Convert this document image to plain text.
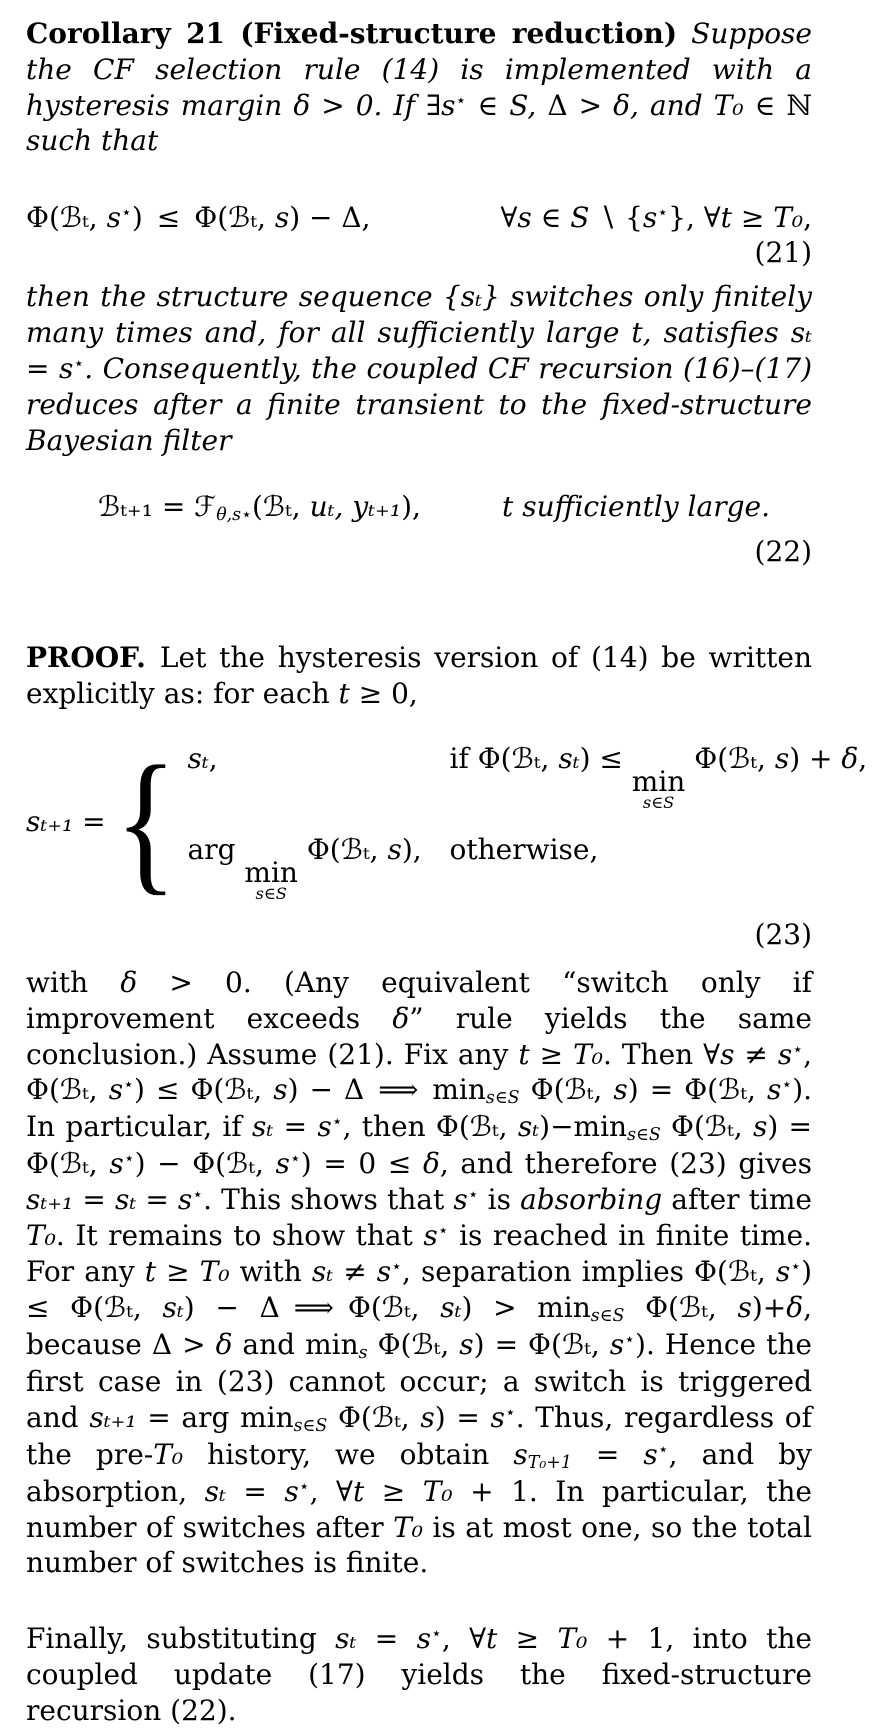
Corollary 21 (Fixed-structure reduction)  Suppose the CF selection rule (14) is implemented with a hysteresis margin δ > 0. If ∃s⋆ ∈ S, Δ > δ, and T₀ ∈ ℕ such that

Φ(ℬₜ, s⋆) ≤ Φ(ℬₜ, s) − Δ,	∀s ∈ S ∖ {s⋆}, ∀t ≥ T₀,
(21)

then the structure sequence {sₜ} switches only finitely many times and, for all sufficiently large t, satisfies sₜ = s⋆. Consequently, the coupled CF recursion (16)–(17) reduces after a finite transient to the fixed-structure Bayesian filter

ℬₜ₊₁ = ℱθ,s⋆(ℬₜ, uₜ, yₜ₊₁),	t sufficiently large.
(22)

PROOF. Let the hysteresis version of (14) be written explicitly as: for each t ≥ 0,

sₜ₊₁ = { sₜ,	if Φ(ℬₜ, sₜ) ≤
min
s∈S
Φ(ℬₜ, s) + δ,
arg
min
s∈S
Φ(ℬₜ, s), otherwise,
(23)

with δ > 0. (Any equivalent “switch only if improvement exceeds δ” rule yields the same conclusion.) Assume (21). Fix any t ≥ T₀. Then ∀s ≠ s⋆, Φ(ℬₜ, s⋆) ≤ Φ(ℬₜ, s) − Δ ⟹ mins∈S Φ(ℬₜ, s) = Φ(ℬₜ, s⋆). In particular, if sₜ = s⋆, then Φ(ℬₜ, sₜ)−mins∈S Φ(ℬₜ, s) = Φ(ℬₜ, s⋆) − Φ(ℬₜ, s⋆) = 0 ≤ δ, and therefore (23) gives sₜ₊₁ = sₜ = s⋆. This shows that s⋆ is absorbing after time T₀. It remains to show that s⋆ is reached in finite time. For any t ≥ T₀ with sₜ ≠ s⋆, separation implies Φ(ℬₜ, s⋆) ≤ Φ(ℬₜ, sₜ) − Δ ⟹ Φ(ℬₜ, sₜ) > mins∈S Φ(ℬₜ, s)+δ, because Δ > δ and mins Φ(ℬₜ, s) = Φ(ℬₜ, s⋆). Hence the first case in (23) cannot occur; a switch is triggered and sₜ₊₁ = arg mins∈S Φ(ℬₜ, s) = s⋆. Thus, regardless of the pre-T₀ history, we obtain sT₀+1 = s⋆, and by absorption, sₜ = s⋆, ∀t ≥ T₀ + 1. In particular, the number of switches after T₀ is at most one, so the total number of switches is finite.

Finally, substituting sₜ = s⋆, ∀t ≥ T₀ + 1, into the coupled update (17) yields the fixed-structure recursion (22).
